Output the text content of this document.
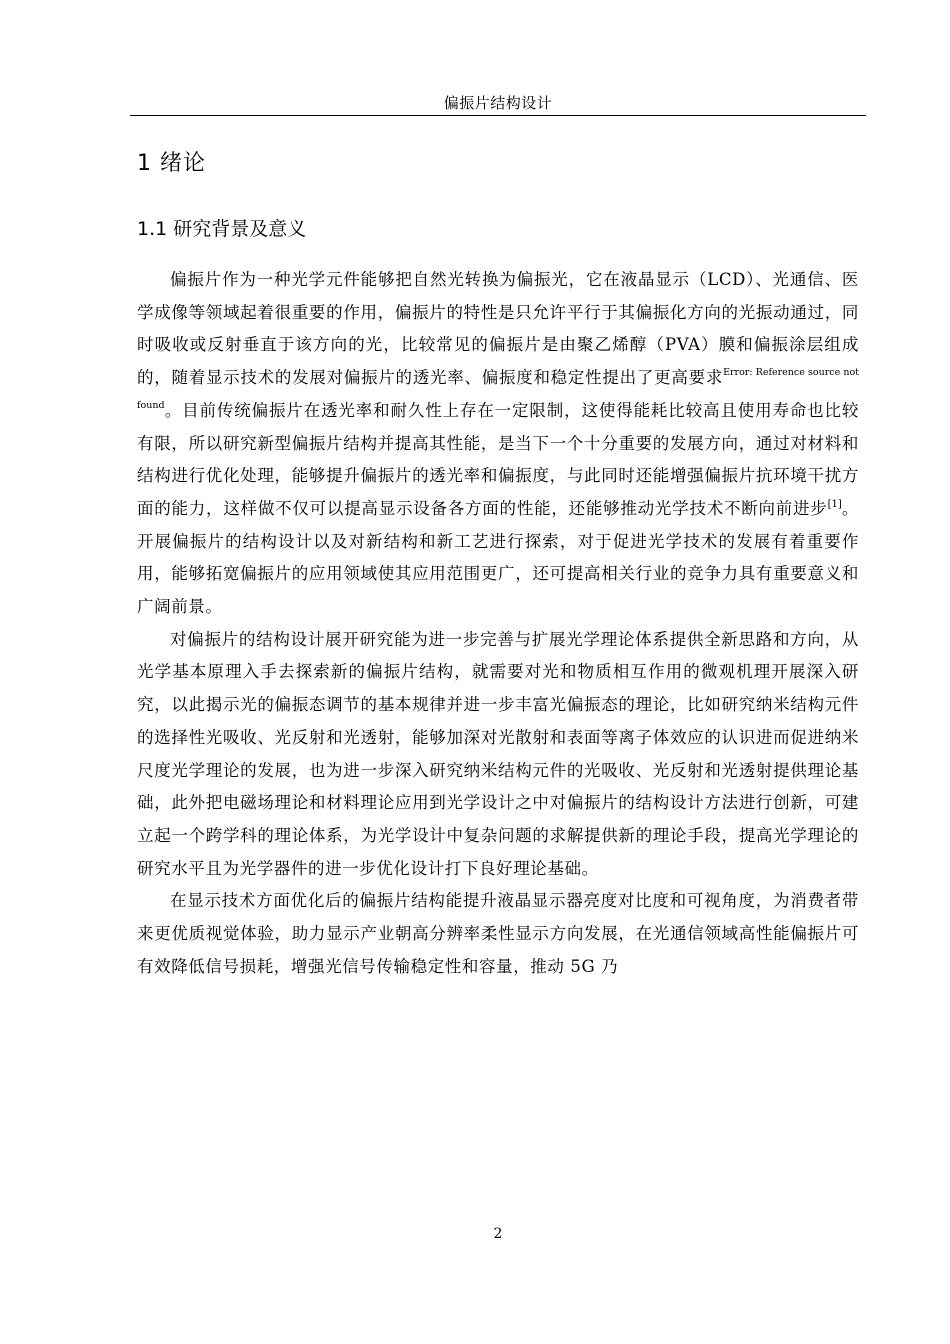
偏振片结构设计
1 绪论
1.1 研究背景及意义

偏振片作为一种光学元件能够把自然光转换为偏振光，它在液晶显示（LCD）、光通信、医学成像等领域起着很重要的作用，偏振片的特性是只允许平行于其偏振化方向的光振动通过，同时吸收或反射垂直于该方向的光，比较常见的偏振片是由聚乙烯醇（PVA）膜和偏振涂层组成的，随着显示技术的发展对偏振片的透光率、偏振度和稳定性提出了更高要求$^{Error: Reference source not found}$。目前传统偏振片在透光率和耐久性上存在一定限制，这使得能耗比较高且使用寿命也比较有限，所以研究新型偏振片结构并提高其性能，是当下一个十分重要的发展方向，通过对材料和结构进行优化处理，能够提升偏振片的透光率和偏振度，与此同时还能增强偏振片抗环境干扰方面的能力，这样做不仅可以提高显示设备各方面的性能，还能够推动光学技术不断向前进步[1]。开展偏振片的结构设计以及对新结构和新工艺进行探索，对于促进光学技术的发展有着重要作用，能够拓宽偏振片的应用领域使其应用范围更广，还可提高相关行业的竞争力具有重要意义和广阔前景。

对偏振片的结构设计展开研究能为进一步完善与扩展光学理论体系提供全新思路和方向，从光学基本原理入手去探索新的偏振片结构，就需要对光和物质相互作用的微观机理开展深入研究，以此揭示光的偏振态调节的基本规律并进一步丰富光偏振态的理论，比如研究纳米结构元件的选择性光吸收、光反射和光透射，能够加深对光散射和表面等离子体效应的认识进而促进纳米尺度光学理论的发展，也为进一步深入研究纳米结构元件的光吸收、光反射和光透射提供理论基础，此外把电磁场理论和材料理论应用到光学设计之中对偏振片的结构设计方法进行创新，可建立起一个跨学科的理论体系，为光学设计中复杂问题的求解提供新的理论手段，提高光学理论的研究水平且为光学器件的进一步优化设计打下良好理论基础。

在显示技术方面优化后的偏振片结构能提升液晶显示器亮度对比度和可视角度，为消费者带来更优质视觉体验，助力显示产业朝高分辨率柔性显示方向发展，在光通信领域高性能偏振片可有效降低信号损耗，增强光信号传输稳定性和容量，推动 5G 乃

2
